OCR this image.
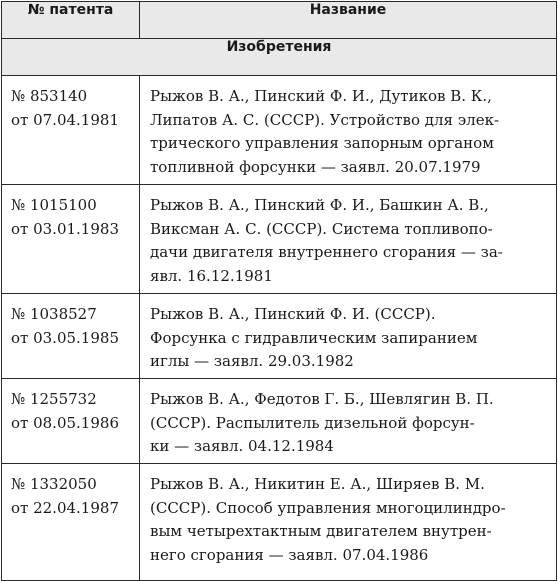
№ патента	Название
Изобретения	

№ 853140
от 07.04.1981	Рыжов В. А., Пинский Ф. И., Дутиков В. К.,
Липатов А. С. (СССР). Устройство для элек-
трического управления запорным органом
топливной форсунки — заявл. 20.07.1979

№ 1015100
от 03.01.1983	Рыжов В. А., Пинский Ф. И., Башкин А. В.,
Виксман А. С. (СССР). Система топливопо-
дачи двигателя внутреннего сгорания — за-
явл. 16.12.1981

№ 1038527
от 03.05.1985	Рыжов В. А., Пинский Ф. И. (СССР).
Форсунка с гидравлическим запиранием
иглы — заявл. 29.03.1982

№ 1255732
от 08.05.1986	Рыжов В. А., Федотов Г. Б., Шевлягин В. П.
(СССР). Распылитель дизельной форсун-
ки — заявл. 04.12.1984

№ 1332050
от 22.04.1987	Рыжов В. А., Никитин Е. А., Ширяев В. М.
(СССР). Способ управления многоцилиндро-
вым четырехтактным двигателем внутрен-
него сгорания — заявл. 07.04.1986
